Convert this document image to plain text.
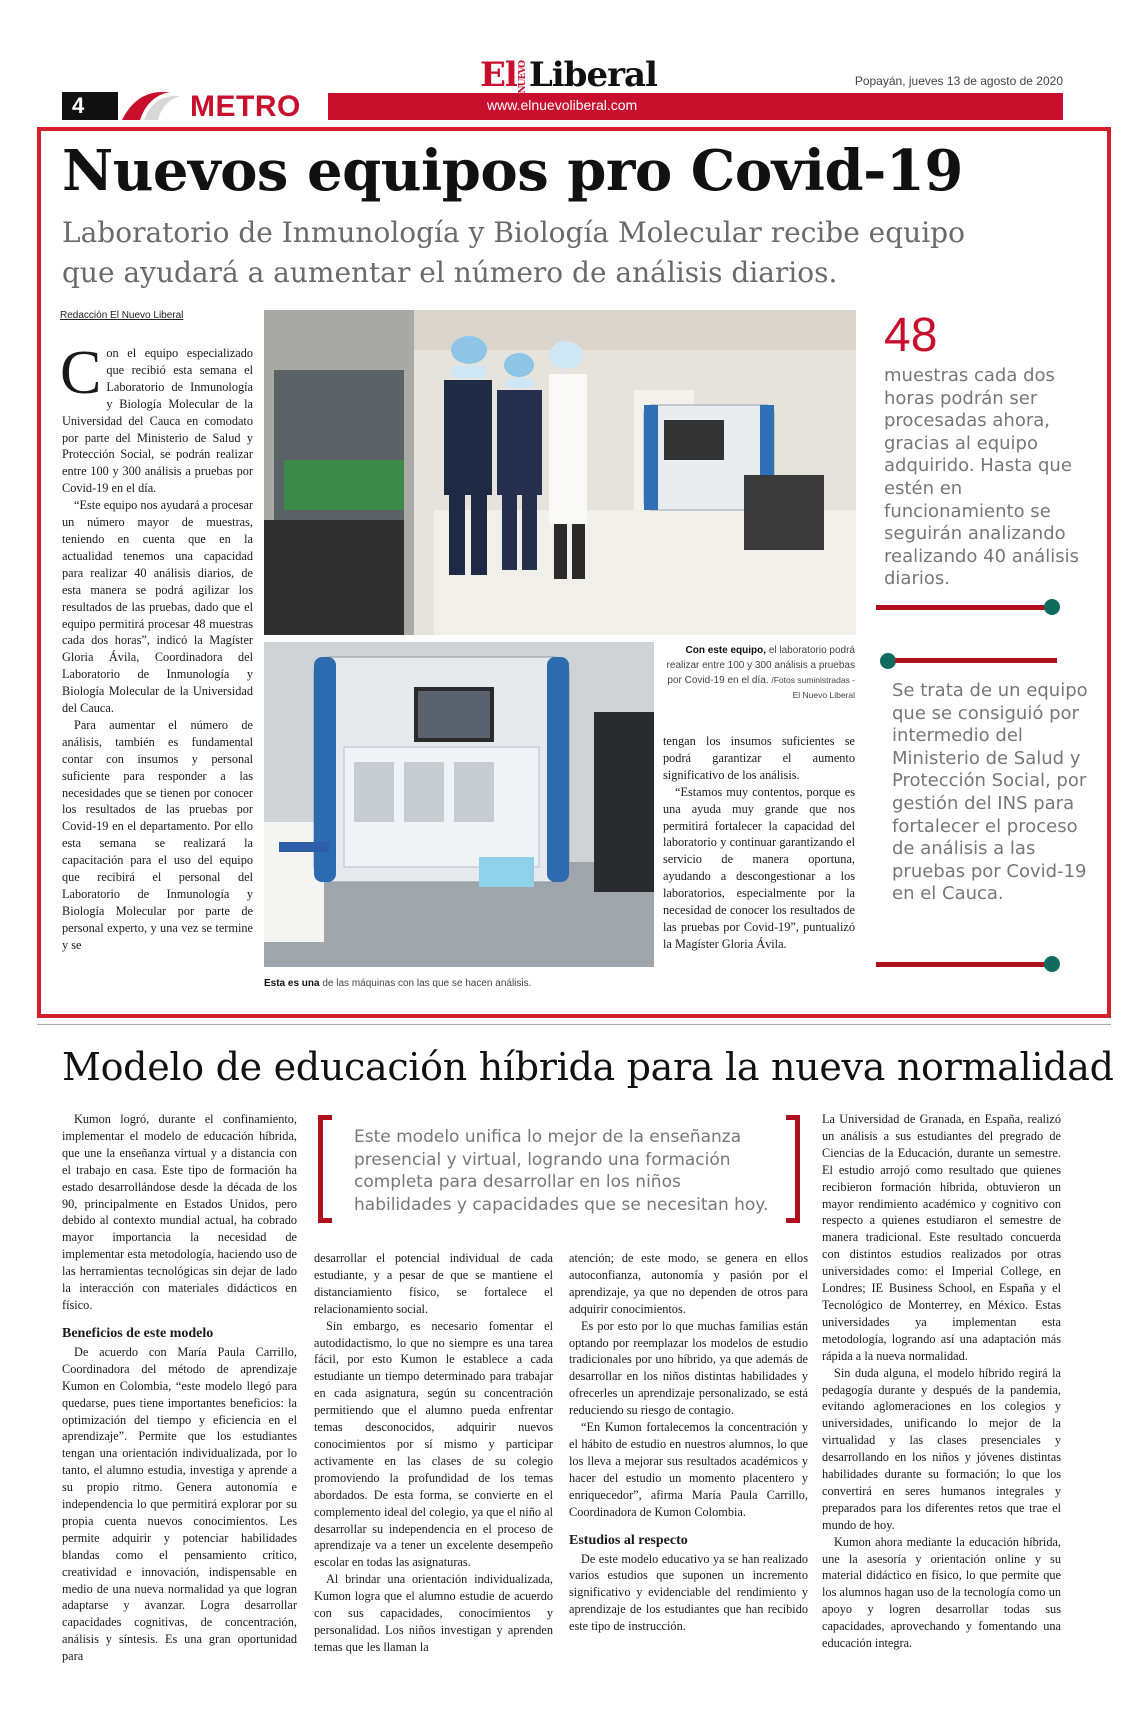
4	METRO	www.elnuevoliberal.com
ElNUEVOLiberal	Popayán, jueves 13 de agosto de 2020
Nuevos equipos pro Covid-19
Laboratorio de Inmunología y Biología Molecular recibe equipo que ayudará a aumentar el número de análisis diarios.
Redacción El Nuevo Liberal

Con el equipo especializado que recibió esta semana el Laboratorio de Inmunología y Biología Molecular de la Universidad del Cauca en comodato por parte del Ministerio de Salud y Protección Social, se podrán realizar entre 100 y 300 análisis a pruebas por Covid-19 en el día.

“Este equipo nos ayudará a procesar un número mayor de muestras, teniendo en cuenta que en la actualidad tenemos una capacidad para realizar 40 análisis diarios, de esta manera se podrá agilizar los resultados de las pruebas, dado que el equipo permitirá procesar 48 muestras cada dos horas”, indicó la Magíster Gloria Ávila, Coordinadora del Laboratorio de Inmunología y Biología Molecular de la Universidad del Cauca.

Para aumentar el número de análisis, también es fundamental contar con insumos y personal suficiente para responder a las necesidades que se tienen por conocer los resultados de las pruebas por Covid-19 en el departamento. Por ello esta semana se realizará la capacitación para el uso del equipo que recibirá el personal del Laboratorio de Inmunología y Biología Molecular por parte de personal experto, y una vez se termine y se

Con este equipo, el laboratorio podrá realizar entre 100 y 300 análisis a pruebas por Covid-19 en el día. /Fotos suministradas - El Nuevo Liberal
Esta es una de las máquinas con las que se hacen análisis.

tengan los insumos suficientes se podrá garantizar el aumento significativo de los análisis.

“Estamos muy contentos, porque es una ayuda muy grande que nos permitirá fortalecer la capacidad del laboratorio y continuar garantizando el servicio de manera oportuna, ayudando a descongestionar a los laboratorios, especialmente por la necesidad de conocer los resultados de las pruebas por Covid-19”, puntualizó la Magíster Gloria Ávila.

48
muestras cada dos horas podrán ser procesadas ahora, gracias al equipo adquirido. Hasta que estén en funcionamiento se seguirán analizando realizando 40 análisis diarios.
Se trata de un equipo que se consiguió por intermedio del Ministerio de Salud y Protección Social, por gestión del INS para fortalecer el proceso de análisis a las pruebas por Covid-19 en el Cauca.
Modelo de educación híbrida para la nueva normalidad

Kumon logró, durante el confinamiento, implementar el modelo de educación híbrida, que une la enseñanza virtual y a distancia con el trabajo en casa. Este tipo de formación ha estado desarrollándose desde la década de los 90, principalmente en Estados Unidos, pero debido al contexto mundial actual, ha cobrado mayor importancia la necesidad de implementar esta metodología, haciendo uso de las herramientas tecnológicas sin dejar de lado la interacción con materiales didácticos en físico.

Beneficios de este modelo

De acuerdo con María Paula Carrillo, Coordinadora del método de aprendizaje Kumon en Colombia, “este modelo llegó para quedarse, pues tiene importantes beneficios: la optimización del tiempo y eficiencia en el aprendizaje”. Permite que los estudiantes tengan una orientación individualizada, por lo tanto, el alumno estudia, investiga y aprende a su propio ritmo. Genera autonomía e independencia lo que permitirá explorar por su propia cuenta nuevos conocimientos. Les permite adquirir y potenciar habilidades blandas como el pensamiento crítico, creatividad e innovación, indispensable en medio de una nueva normalidad ya que logran adaptarse y avanzar. Logra desarrollar capacidades cognitivas, de concentración, análisis y síntesis. Es una gran oportunidad para

Este modelo unifica lo mejor de la enseñanza presencial y virtual, logrando una formación completa para desarrollar en los niños habilidades y capacidades que se necesitan hoy.

desarrollar el potencial individual de cada estudiante, y a pesar de que se mantiene el distanciamiento físico, se fortalece el relacionamiento social.

Sin embargo, es necesario fomentar el autodidactismo, lo que no siempre es una tarea fácil, por esto Kumon le establece a cada estudiante un tiempo determinado para trabajar en cada asignatura, según su concentración permitiendo que el alumno pueda enfrentar temas desconocidos, adquirir nuevos conocimientos por sí mismo y participar activamente en las clases de su colegio promoviendo la profundidad de los temas abordados. De esta forma, se convierte en el complemento ideal del colegio, ya que el niño al desarrollar su independencia en el proceso de aprendizaje va a tener un excelente desempeño escolar en todas las asignaturas.

Al brindar una orientación individualizada, Kumon logra que el alumno estudie de acuerdo con sus capacidades, conocimientos y personalidad. Los niños investigan y aprenden temas que les llaman la

atención; de este modo, se genera en ellos autoconfianza, autonomía y pasión por el aprendizaje, ya que no dependen de otros para adquirir conocimientos.

Es por esto por lo que muchas familias están optando por reemplazar los modelos de estudio tradicionales por uno híbrido, ya que además de desarrollar en los niños distintas habilidades y ofrecerles un aprendizaje personalizado, se está reduciendo su riesgo de contagio.

“En Kumon fortalecemos la concentración y el hábito de estudio en nuestros alumnos, lo que los lleva a mejorar sus resultados académicos y hacer del estudio un momento placentero y enriquecedor”, afirma María Paula Carrillo, Coordinadora de Kumon Colombia.

Estudios al respecto

De este modelo educativo ya se han realizado varios estudios que suponen un incremento significativo y evidenciable del rendimiento y aprendizaje de los estudiantes que han recibido este tipo de instrucción.

La Universidad de Granada, en España, realizó un análisis a sus estudiantes del pregrado de Ciencias de la Educación, durante un semestre. El estudio arrojó como resultado que quienes recibieron formación híbrida, obtuvieron un mayor rendimiento académico y cognitivo con respecto a quienes estudiaron el semestre de manera tradicional. Este resultado concuerda con distintos estudios realizados por otras universidades como: el Imperial College, en Londres; IE Business School, en España y el Tecnológico de Monterrey, en México. Estas universidades ya implementan esta metodología, logrando así una adaptación más rápida a la nueva normalidad.

Sin duda alguna, el modelo híbrido regirá la pedagogía durante y después de la pandemia, evitando aglomeraciones en los colegios y universidades, unificando lo mejor de la virtualidad y las clases presenciales y desarrollando en los niños y jóvenes distintas habilidades durante su formación; lo que los convertirá en seres humanos integrales y preparados para los diferentes retos que trae el mundo de hoy.

Kumon ahora mediante la educación híbrida, une la asesoría y orientación online y su material didáctico en físico, lo que permite que los alumnos hagan uso de la tecnología como un apoyo y logren desarrollar todas sus capacidades, aprovechando y fomentando una educación integra.
